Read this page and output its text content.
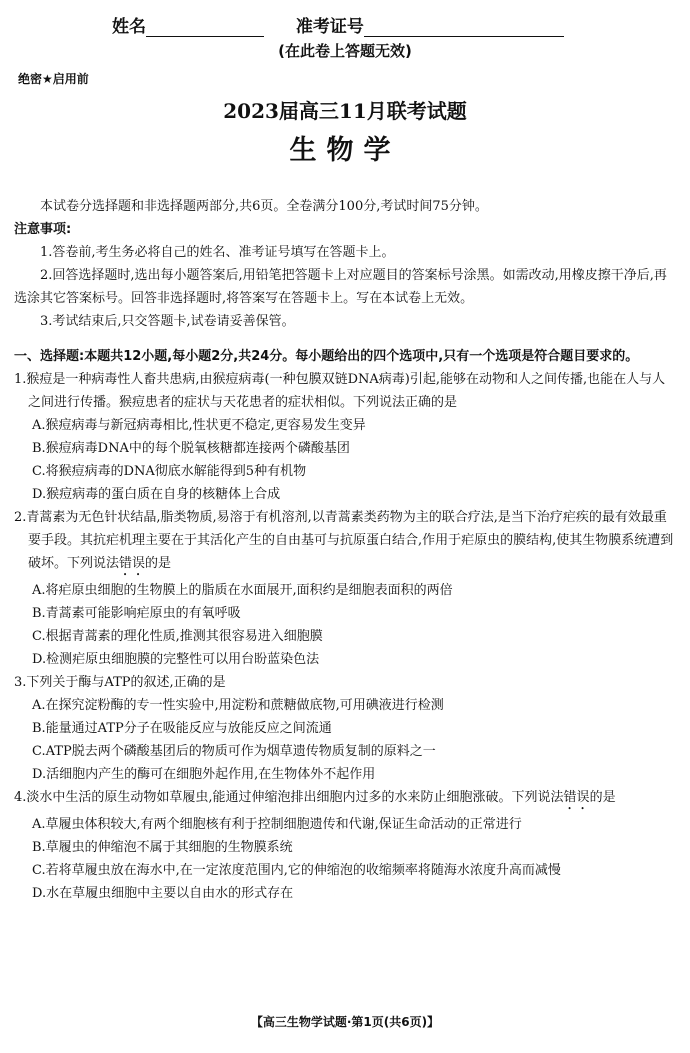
姓名	准考证号
(在此卷上答题无效)
绝密★启用前
2023届高三11月联考试题
生物学

本试卷分选择题和非选择题两部分,共6页。全卷满分100分,考试时间75分钟。

注意事项:

1.答卷前,考生务必将自己的姓名、准考证号填写在答题卡上。

2.回答选择题时,选出每小题答案后,用铅笔把答题卡上对应题目的答案标号涂黑。如需改动,用橡皮擦干净后,再选涂其它答案标号。回答非选择题时,将答案写在答题卡上。写在本试卷上无效。

3.考试结束后,只交答题卡,试卷请妥善保管。

一、选择题:本题共12小题,每小题2分,共24分。每小题给出的四个选项中,只有一个选项是符合题目要求的。

1.猴痘是一种病毒性人畜共患病,由猴痘病毒(一种包膜双链DNA病毒)引起,能够在动物和人之间传播,也能在人与人之间进行传播。猴痘患者的症状与天花患者的症状相似。下列说法正确的是

A.猴痘病毒与新冠病毒相比,性状更不稳定,更容易发生变异

B.猴痘病毒DNA中的每个脱氧核糖都连接两个磷酸基团

C.将猴痘病毒的DNA彻底水解能得到5种有机物

D.猴痘病毒的蛋白质在自身的核糖体上合成

2.青蒿素为无色针状结晶,脂类物质,易溶于有机溶剂,以青蒿素类药物为主的联合疗法,是当下治疗疟疾的最有效最重要手段。其抗疟机理主要在于其活化产生的自由基可与抗原蛋白结合,作用于疟原虫的膜结构,使其生物膜系统遭到破坏。下列说法错误的是

A.将疟原虫细胞的生物膜上的脂质在水面展开,面积约是细胞表面积的两倍

B.青蒿素可能影响疟原虫的有氧呼吸

C.根据青蒿素的理化性质,推测其很容易进入细胞膜

D.检测疟原虫细胞膜的完整性可以用台盼蓝染色法

3.下列关于酶与ATP的叙述,正确的是

A.在探究淀粉酶的专一性实验中,用淀粉和蔗糖做底物,可用碘液进行检测

B.能量通过ATP分子在吸能反应与放能反应之间流通

C.ATP脱去两个磷酸基团后的物质可作为烟草遗传物质复制的原料之一

D.活细胞内产生的酶可在细胞外起作用,在生物体外不起作用

4.淡水中生活的原生动物如草履虫,能通过伸缩泡排出细胞内过多的水来防止细胞涨破。下列说法错误的是

A.草履虫体积较大,有两个细胞核有利于控制细胞遗传和代谢,保证生命活动的正常进行

B.草履虫的伸缩泡不属于其细胞的生物膜系统

C.若将草履虫放在海水中,在一定浓度范围内,它的伸缩泡的收缩频率将随海水浓度升高而减慢

D.水在草履虫细胞中主要以自由水的形式存在

【高三生物学试题·第1页(共6页)】
